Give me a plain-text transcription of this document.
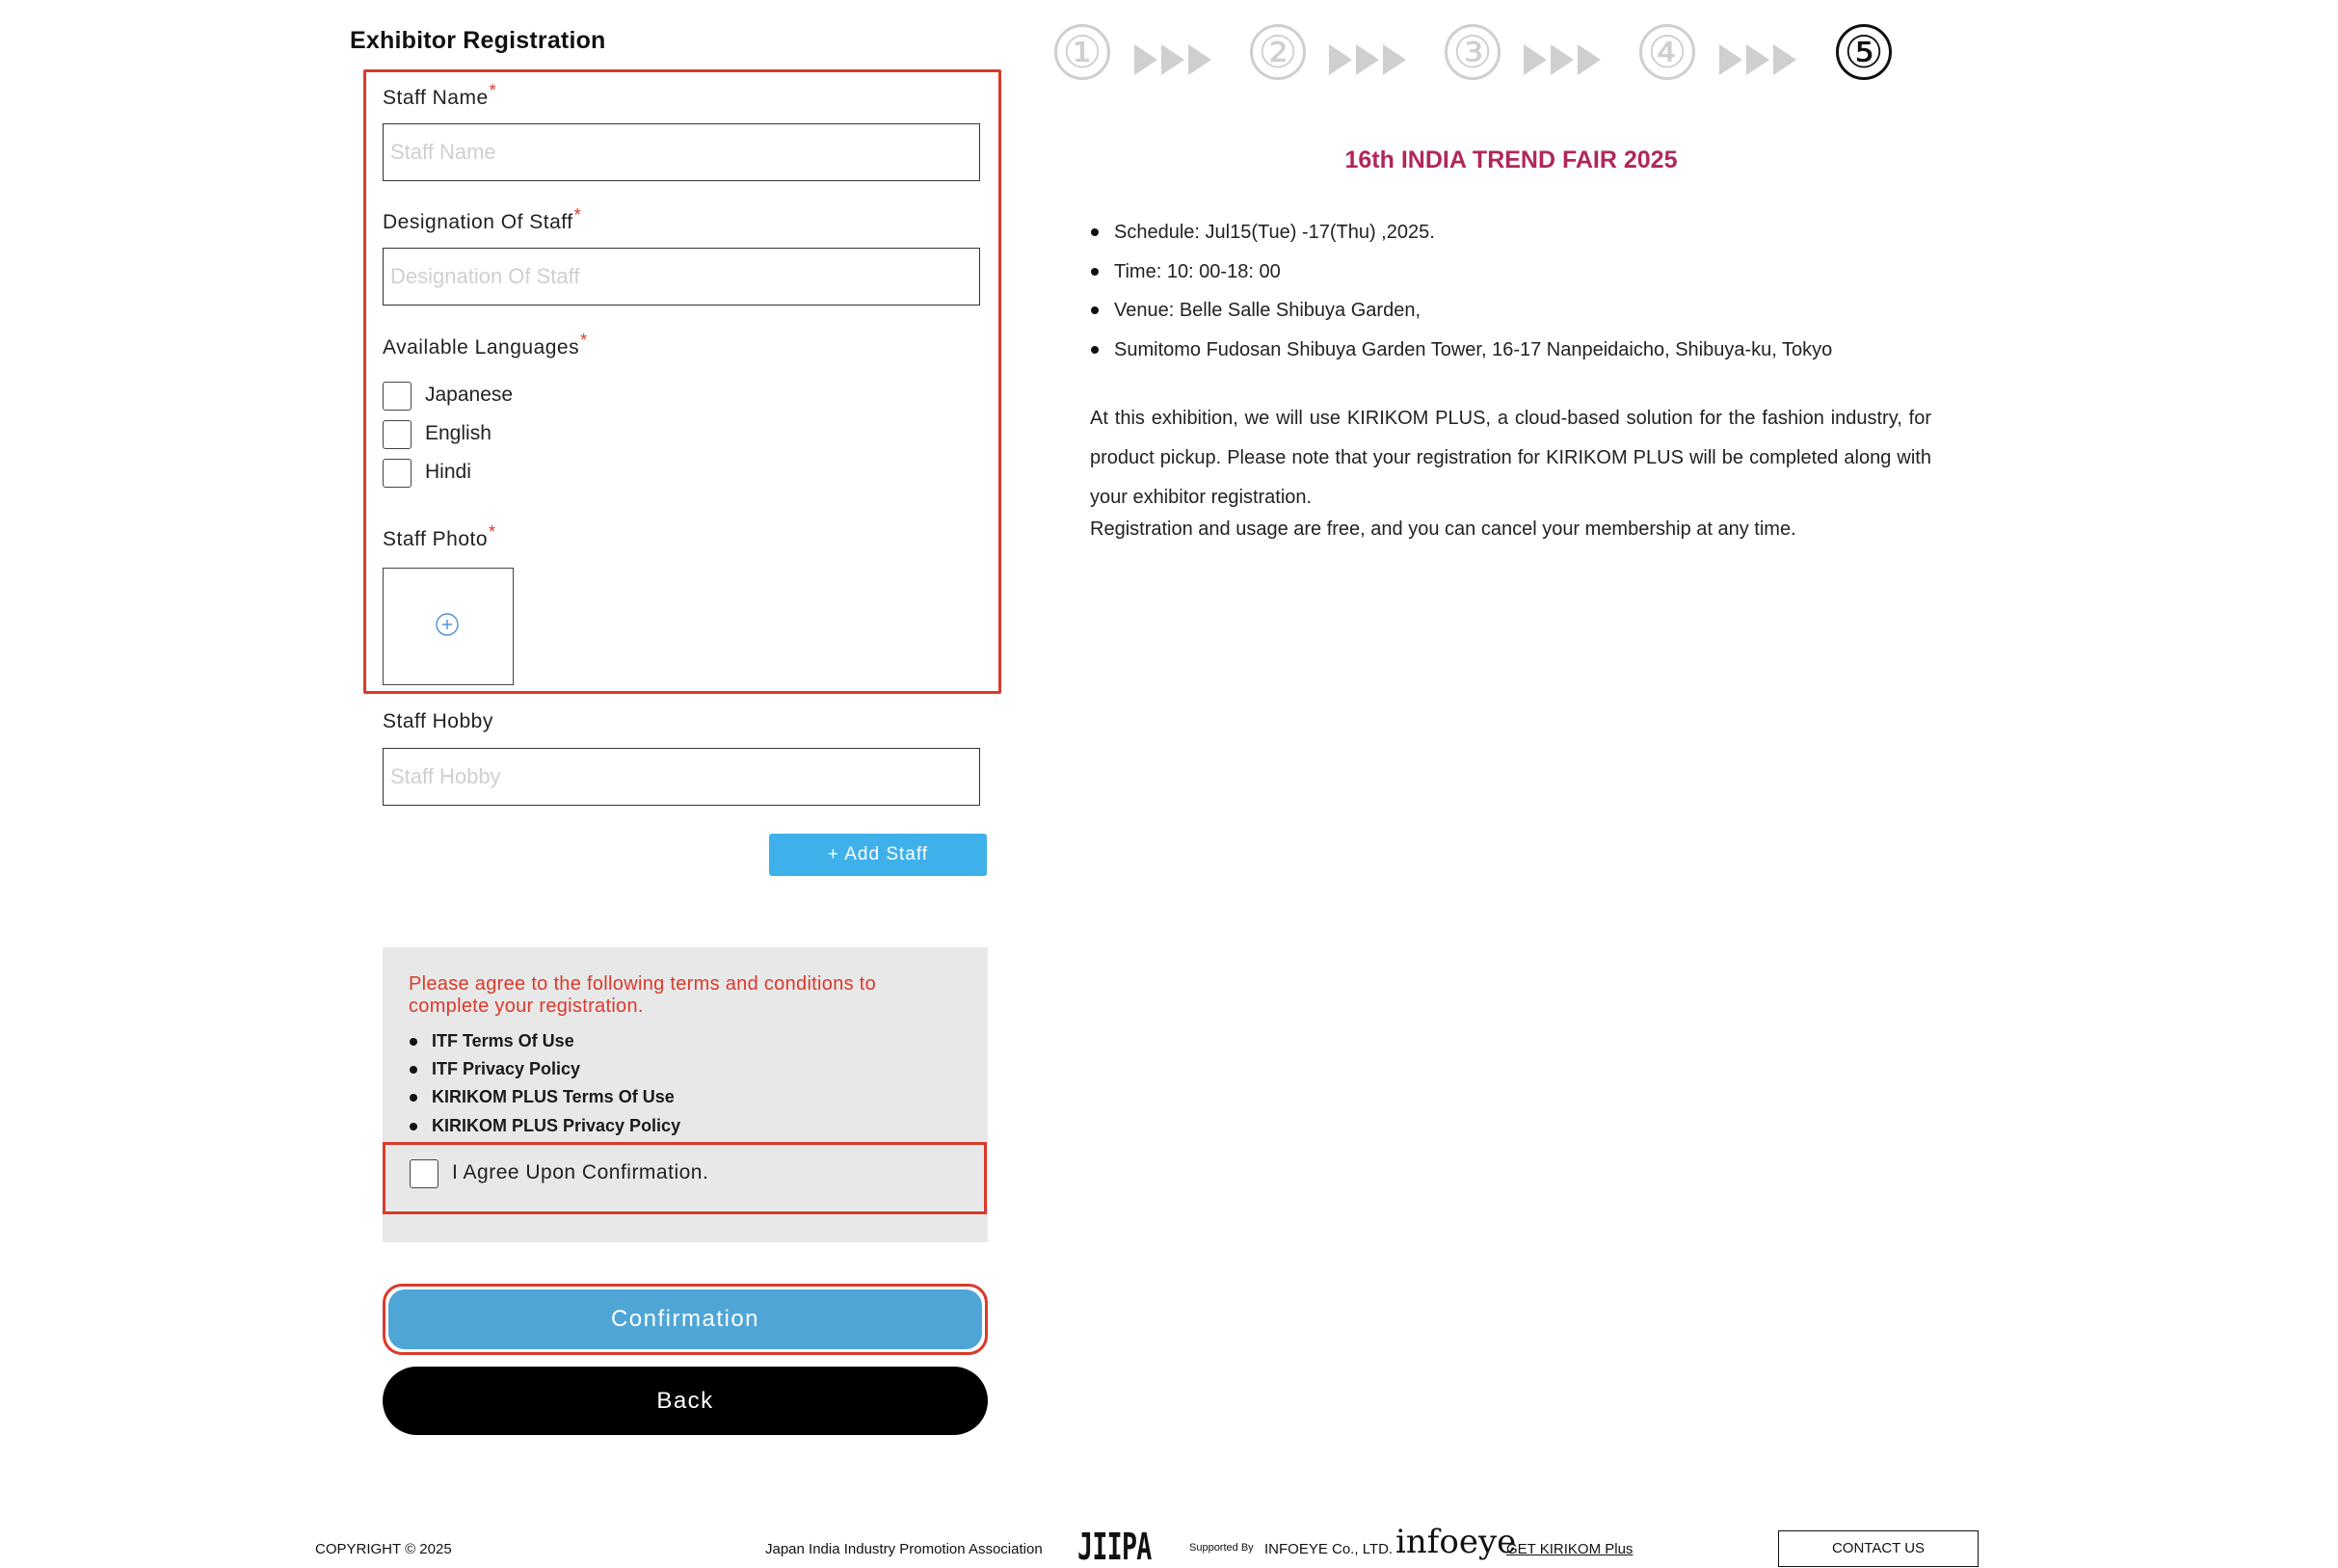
Exhibitor Registration
Staff Name*
Staff Name
Designation Of Staff*
Designation Of Staff
Available Languages*
Japanese
English
Hindi
Staff Photo*
Staff Hobby
Staff Hobby
+ Add Staff
Please agree to the following terms and conditions to complete your registration.
ITF Terms Of Use
ITF Privacy Policy
KIRIKOM PLUS Terms Of Use
KIRIKOM PLUS Privacy Policy
I Agree Upon Confirmation.
Confirmation
Back
①	②	③	④	⑤
16th INDIA TREND FAIR 2025
Schedule: Jul15(Tue) -17(Thu) ,2025.
Time: 10: 00-18: 00
Venue: Belle Salle Shibuya Garden,
Sumitomo Fudosan Shibuya Garden Tower, 16-17 Nanpeidaicho, Shibuya-ku, Tokyo
At this exhibition, we will use KIRIKOM PLUS, a cloud-based solution for the fashion industry, for product pickup. Please note that your registration for KIRIKOM PLUS will be completed along with your exhibitor registration.
Registration and usage are free, and you can cancel your membership at any time.
COPYRIGHT © 2025	Japan India Industry Promotion Association JIIPA	Supported By INFOEYE Co., LTD. infoeye
GET KIRIKOM Plus	CONTACT US
